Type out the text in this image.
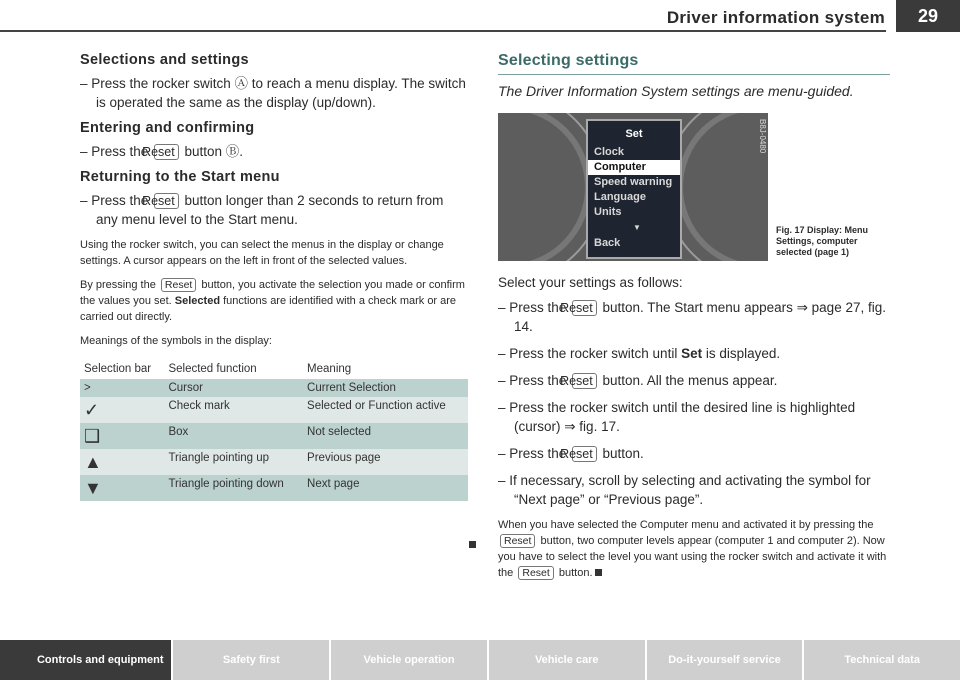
Driver information system	29
Selections and settings

– Press the rocker switch Ⓐ to reach a menu display. The switch is operated the same as the display (up/down).

Entering and confirming

– Press the Reset button Ⓑ.

Returning to the Start menu

– Press the Reset button longer than 2 seconds to return from any menu level to the Start menu.

Using the rocker switch, you can select the menus in the display or change settings. A cursor appears on the left in front of the selected values.

By pressing the Reset button, you activate the selection you made or confirm the values you set. Selected functions are identified with a check mark or are carried out directly.

Meanings of the symbols in the display:

Selection bar	Selected function	Meaning
>	Cursor	Current Selection
✓	Check mark	Selected or Function active
❑	Box	Not selected
▲	Triangle pointing up	Previous page
▼	Triangle pointing down	Next page
Selecting settings

The Driver Information System settings are menu-guided.

B8J-0480
Set
Clock
Computer
Speed warning
Language
Units
▼
Back
Fig. 17 Display: Menu Settings, computer selected (page 1)

Select your settings as follows:

– Press the Reset button. The Start menu appears ⇒ page 27, fig. 14.

– Press the rocker switch until Set is displayed.

– Press the Reset button. All the menus appear.

– Press the rocker switch until the desired line is highlighted (cursor) ⇒ fig. 17.

– Press the Reset button.

– If necessary, scroll by selecting and activating the symbol for “Next page” or “Previous page”.

When you have selected the Computer menu and activated it by pressing the Reset button, two computer levels appear (computer 1 and computer 2). Now you have to select the level you want using the rocker switch and activate it with the Reset button.

Controls and equipment	Safety first	Vehicle operation	Vehicle care	Do-it-yourself service	Technical data
